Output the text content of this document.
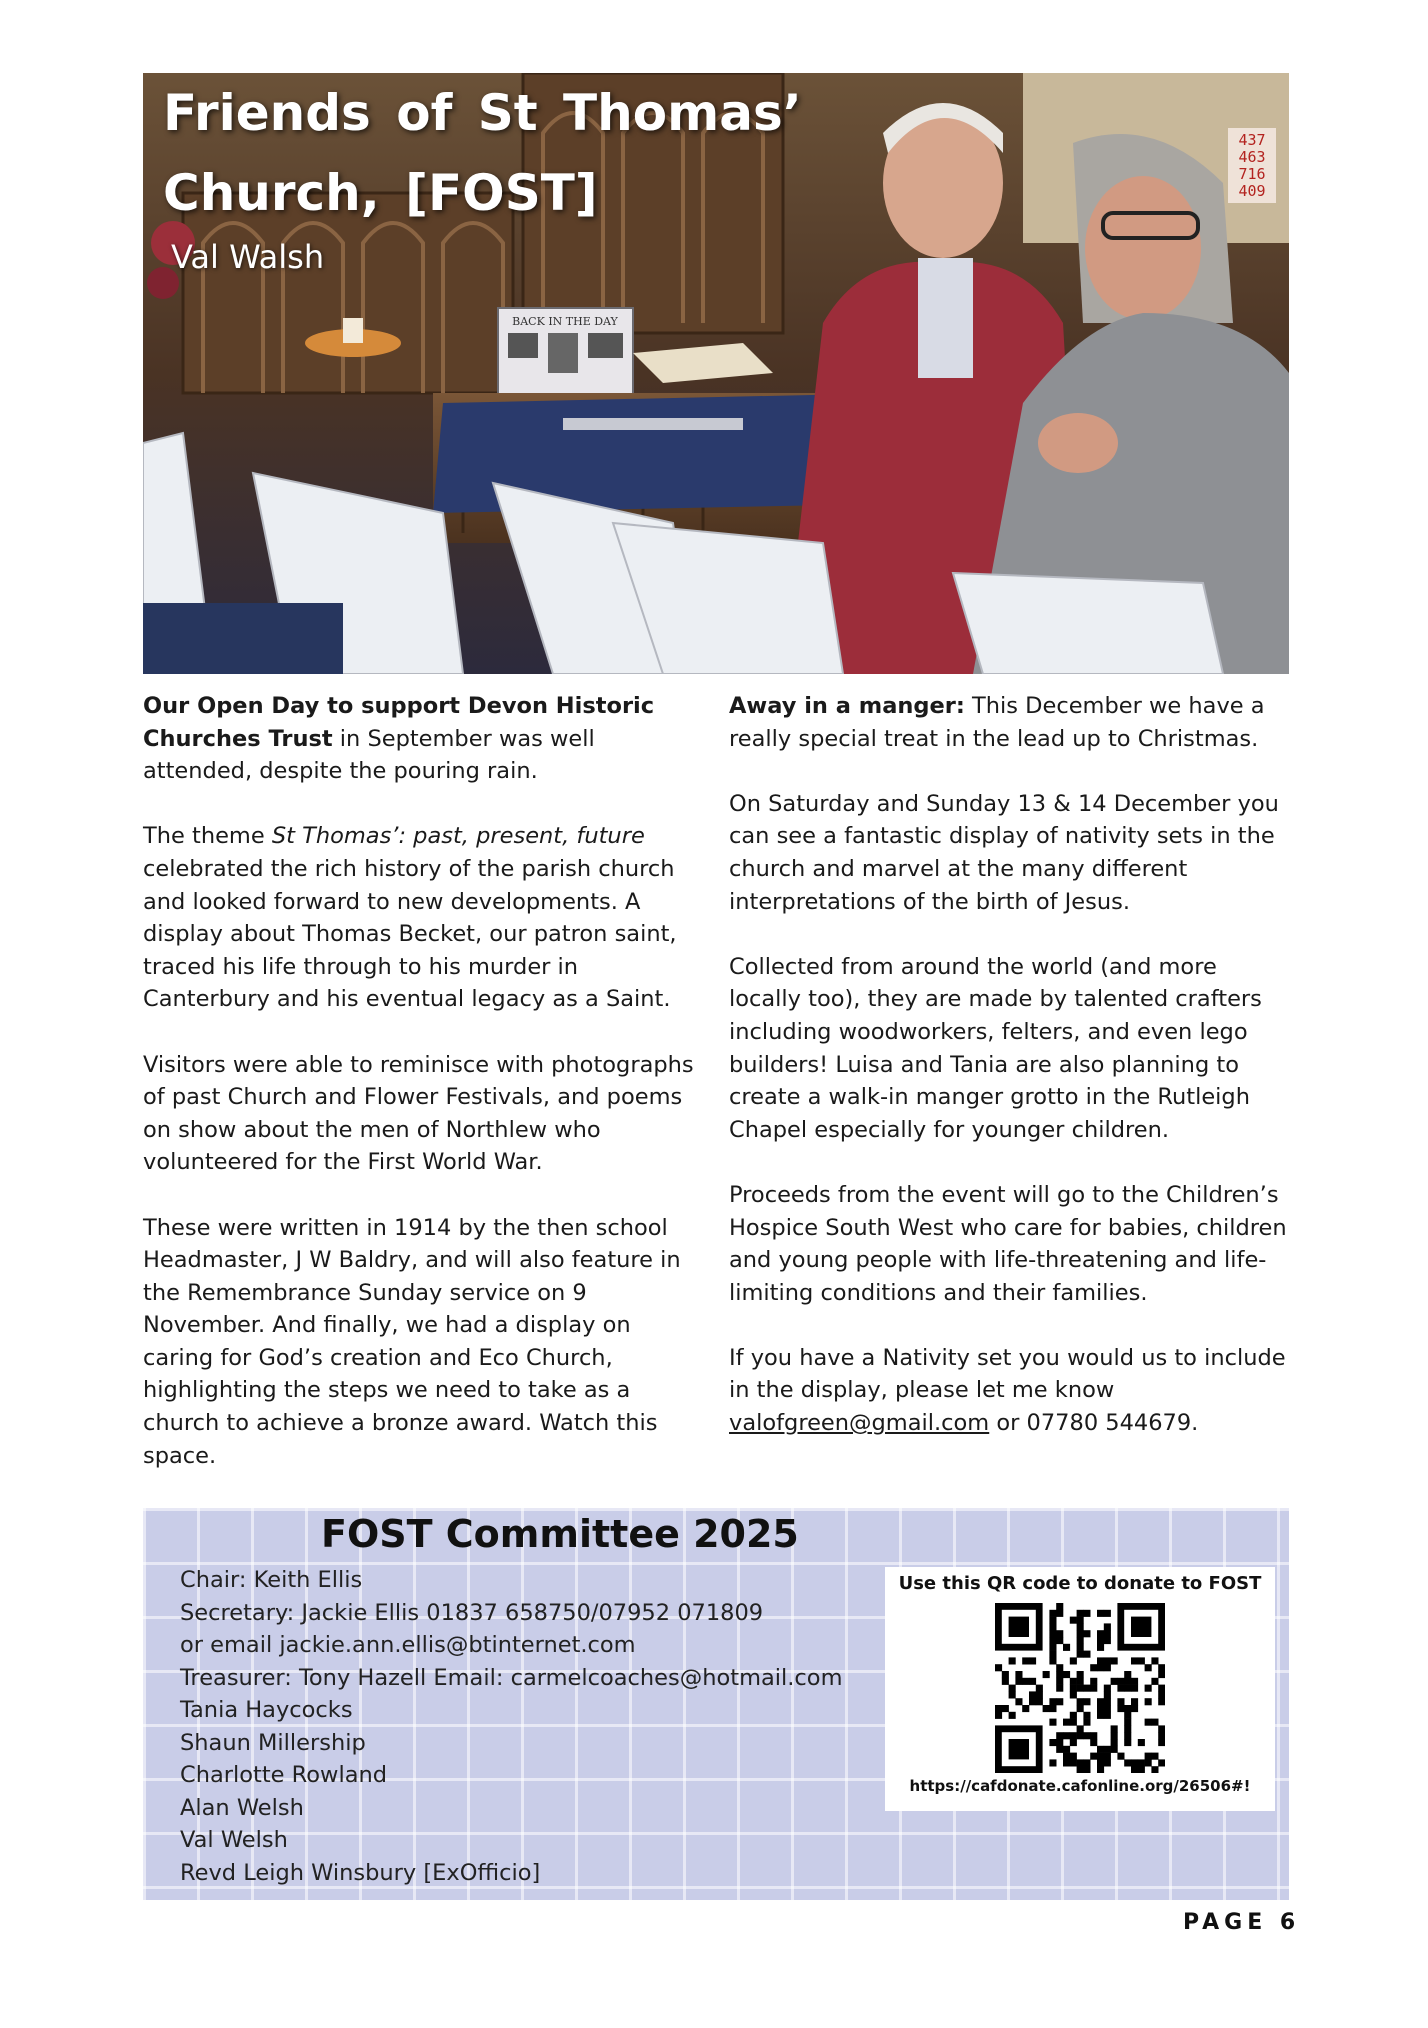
BACK IN THE DAY
437
463
716
409
Friends of St Thomas’ Church, [FOST]
Val Walsh

Our Open Day to support Devon Historic Churches Trust in September was well attended, despite the pouring rain.

The theme St Thomas’: past, present, future celebrated the rich history of the parish church and looked forward to new developments. A display about Thomas Becket, our patron saint, traced his life through to his murder in Canterbury and his eventual legacy as a Saint.

Visitors were able to reminisce with photographs of past Church and Flower Festivals, and poems on show about the men of Northlew who volunteered for the First World War.

These were written in 1914 by the then school Headmaster, J W Baldry, and will also feature in the Remembrance Sunday service on 9 November. And finally, we had a display on caring for God’s creation and Eco Church, highlighting the steps we need to take as a church to achieve a bronze award. Watch this space.

Away in a manger: This December we have a really special treat in the lead up to Christmas.

On Saturday and Sunday 13 & 14 December you can see a fantastic display of nativity sets in the church and marvel at the many different interpretations of the birth of Jesus.

Collected from around the world (and more locally too), they are made by talented crafters including woodworkers, felters, and even lego builders! Luisa and Tania are also planning to create a walk-in manger grotto in the Rutleigh Chapel especially for younger children.

Proceeds from the event will go to the Children’s Hospice South West who care for babies, children and young people with life-threatening and life-limiting conditions and their families.

If you have a Nativity set you would us to include in the display, please let me know valofgreen@gmail.com or 07780 544679.

FOST Committee 2025
Chair: Keith Ellis
Secretary: Jackie Ellis 01837 658750/07952 071809
or email jackie.ann.ellis@btinternet.com
Treasurer: Tony Hazell Email: carmelcoaches@hotmail.com
Tania Haycocks
Shaun Millership
Charlotte Rowland
Alan Welsh
Val Welsh
Revd Leigh Winsbury [ExOfficio]
Use this QR code to donate to FOST
https://cafdonate.cafonline.org/26506#!
PAGE 6
